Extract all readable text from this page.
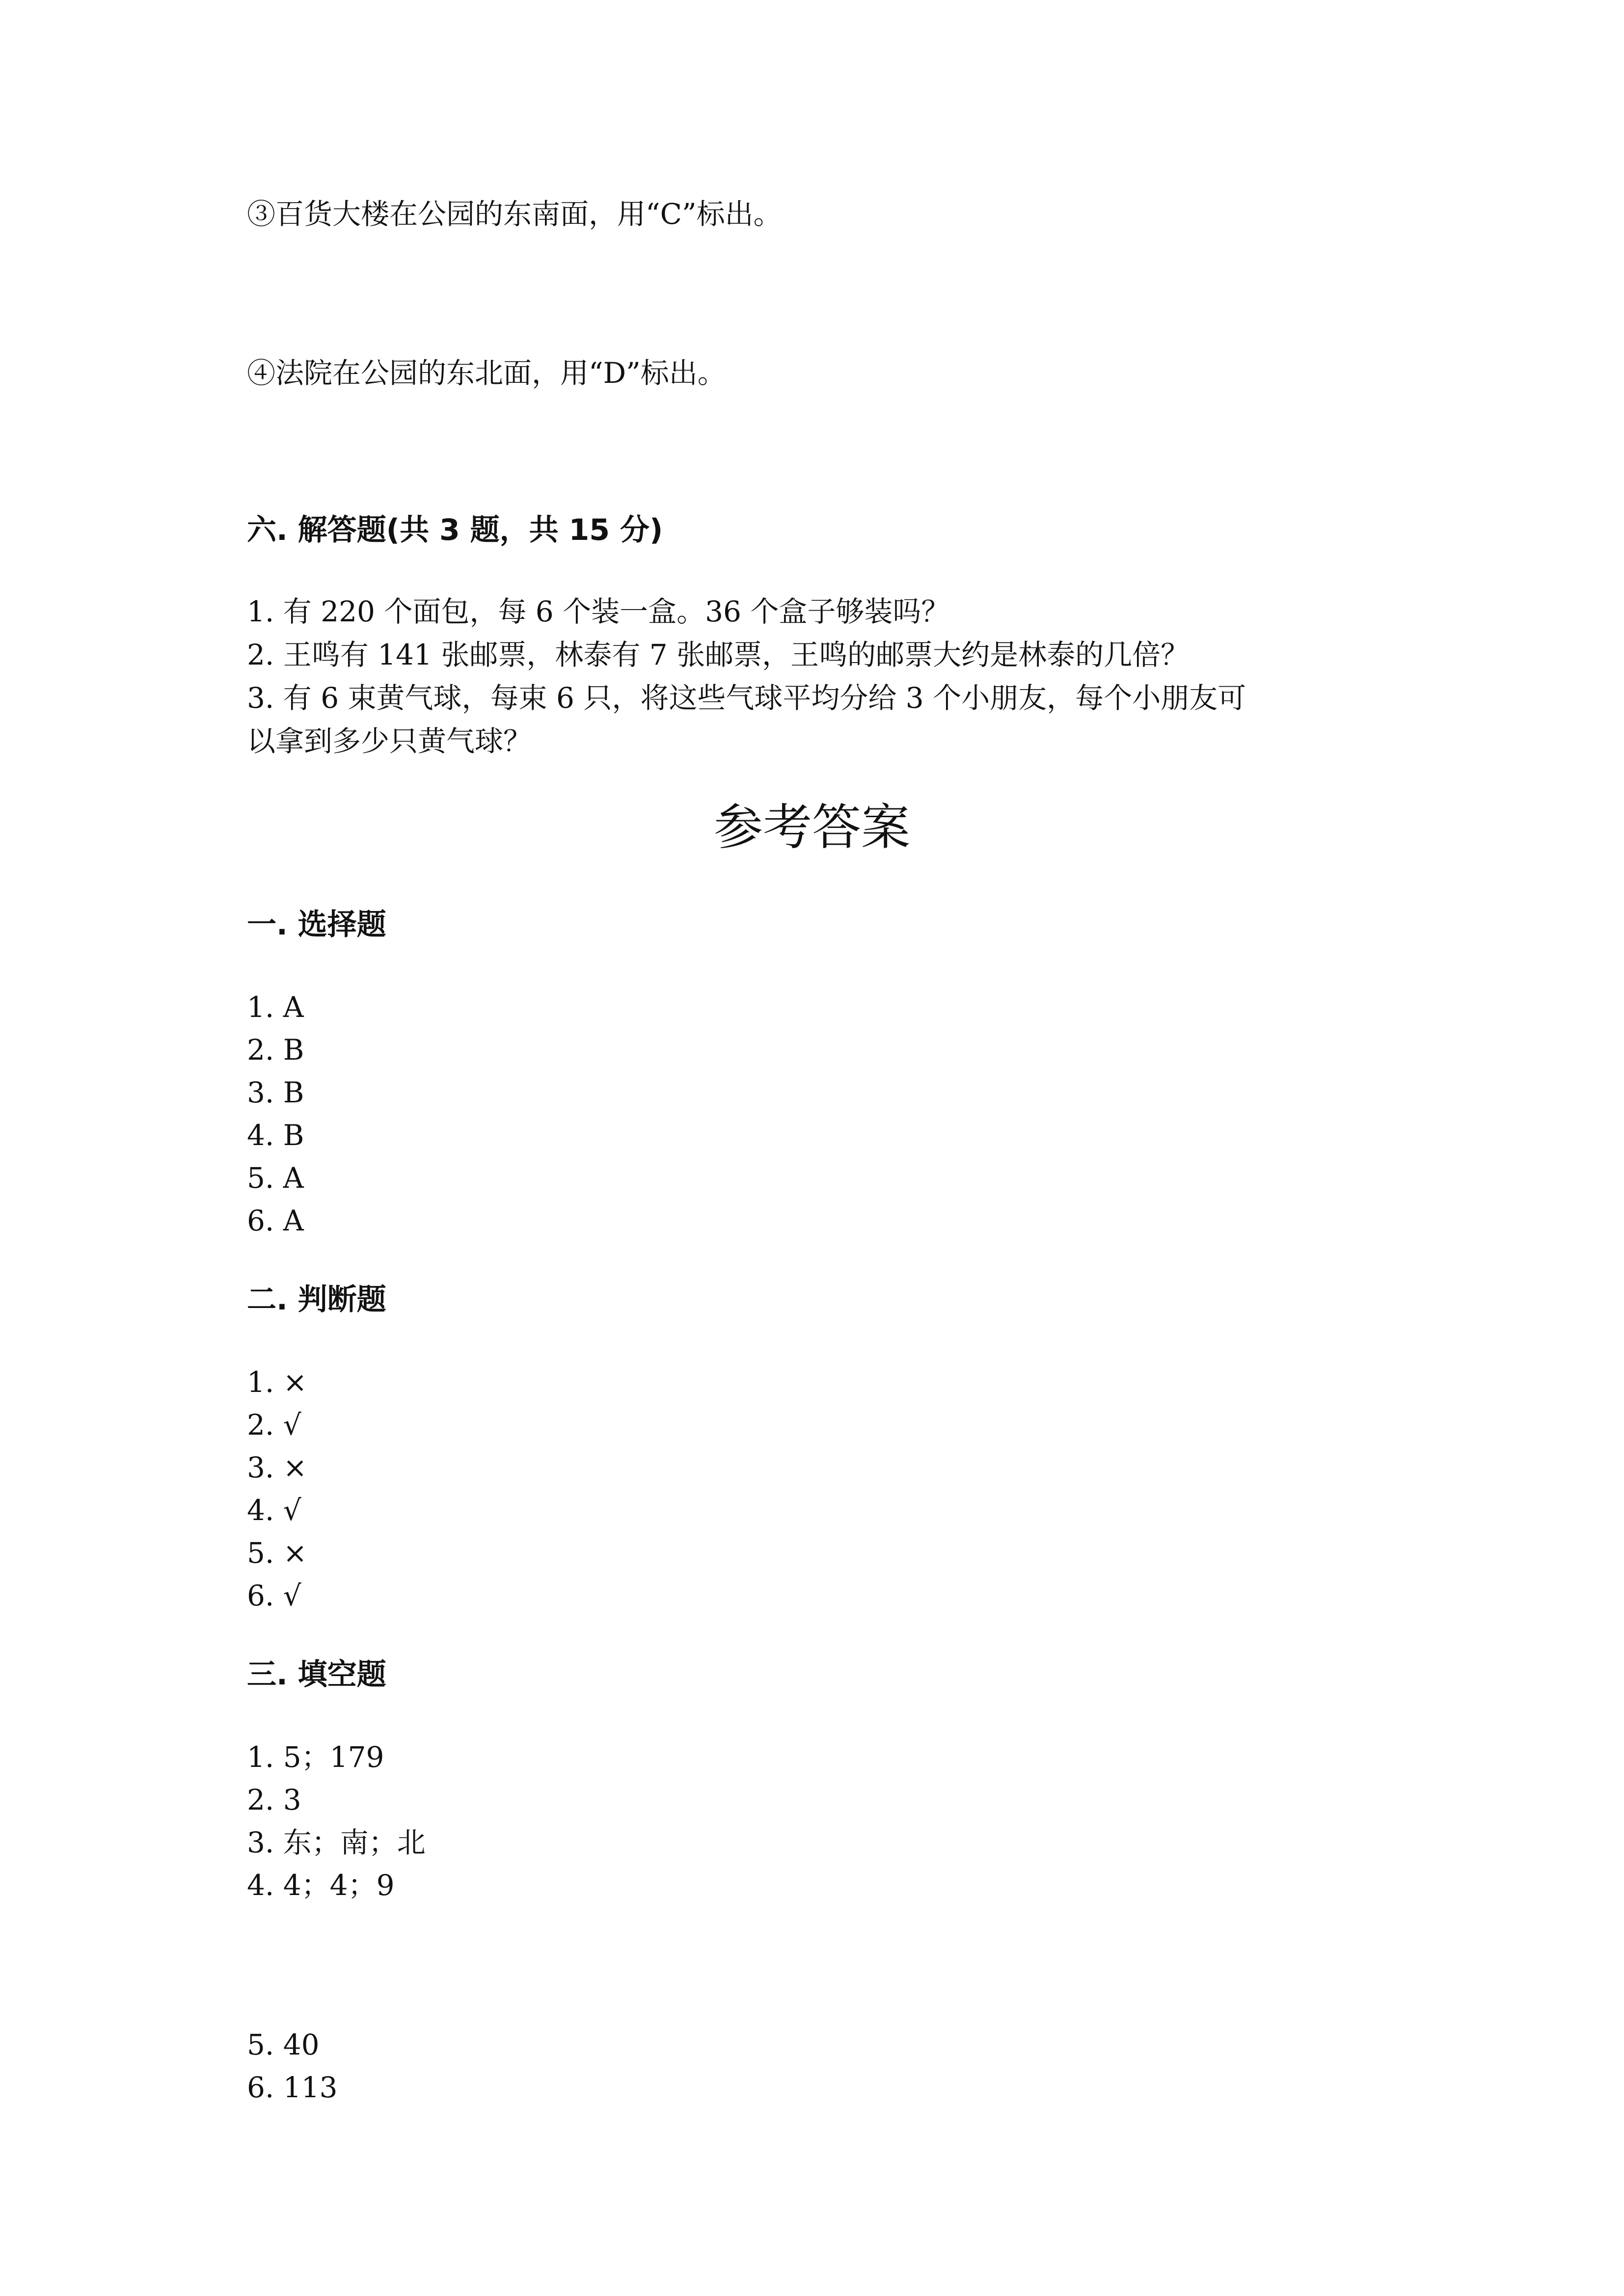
③百货大楼在公园的东南面，用“C”标出。
④法院在公园的东北面，用“D”标出。
六. 解答题(共 3 题，共 15 分)
1. 有 220 个面包，每 6 个装一盒。36 个盒子够装吗？
2. 王鸣有 141 张邮票，林泰有 7 张邮票，王鸣的邮票大约是林泰的几倍？
3. 有 6 束黄气球，每束 6 只，将这些气球平均分给 3 个小朋友，每个小朋友可
以拿到多少只黄气球？
参考答案
一. 选择题
1. A
2. B
3. B
4. B
5. A
6. A
二. 判断题
1. ×
2. √
3. ×
4. √
5. ×
6. √
三. 填空题
1. 5；179
2. 3
3. 东；南；北
4. 4；4；9
5. 40
6. 113
